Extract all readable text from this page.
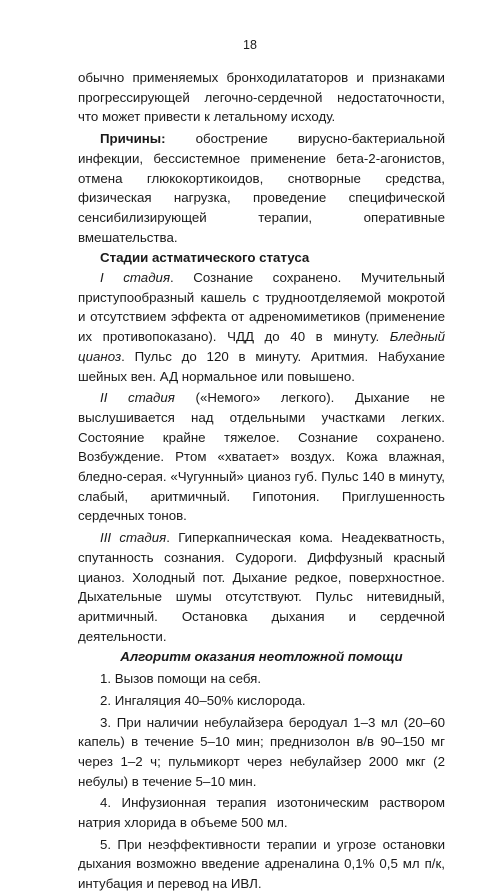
18

обычно применяемых бронходилататоров и признаками прогрессирующей легочно-сердечной недостаточности, что может привести к летальному исходу.

Причины: обострение вирусно-бактериальной инфекции, бессистемное применение бета-2-агонистов, отмена глюкокортикоидов, снотворные средства, физическая нагрузка, проведение специфической сенсибилизирующей терапии, оперативные вмешательства.

Стадии астматического статуса

I стадия. Сознание сохранено. Мучительный приступообразный кашель с трудноотделяемой мокротой и отсутствием эффекта от адреномиметиков (применение их противопоказано). ЧДД до 40 в минуту. Бледный цианоз. Пульс до 120 в минуту. Аритмия. Набухание шейных вен. АД нормальное или повышено.

II стадия («Немого» легкого). Дыхание не выслушивается над отдельными участками легких. Состояние крайне тяжелое. Сознание сохранено. Возбуждение. Ртом «хватает» воздух. Кожа влажная, бледно-серая. «Чугунный» цианоз губ. Пульс 140 в минуту, слабый, аритмичный. Гипотония. Приглушенность сердечных тонов.

III стадия. Гиперкапническая кома. Неадекватность, спутанность сознания. Судороги. Диффузный красный цианоз. Холодный пот. Дыхание редкое, поверхностное. Дыхательные шумы отсутствуют. Пульс нитевидный, аритмичный. Остановка дыхания и сердечной деятельности.

Алгоритм оказания неотложной помощи

1. Вызов помощи на себя.

2. Ингаляция 40–50% кислорода.

3. При наличии небулайзера беродуал 1–3 мл (20–60 капель) в течение 5–10 мин; преднизолон в/в 90–150 мг через 1–2 ч; пульмикорт через небулайзер 2000 мкг (2 небулы) в течение 5–10 мин.

4. Инфузионная терапия изотоническим раствором натрия хлорида в объеме 500 мл.

5. При неэффективности терапии и угрозе остановки дыхания возможно введение адреналина 0,1% 0,5 мл п/к, интубация и перевод на ИВЛ.
